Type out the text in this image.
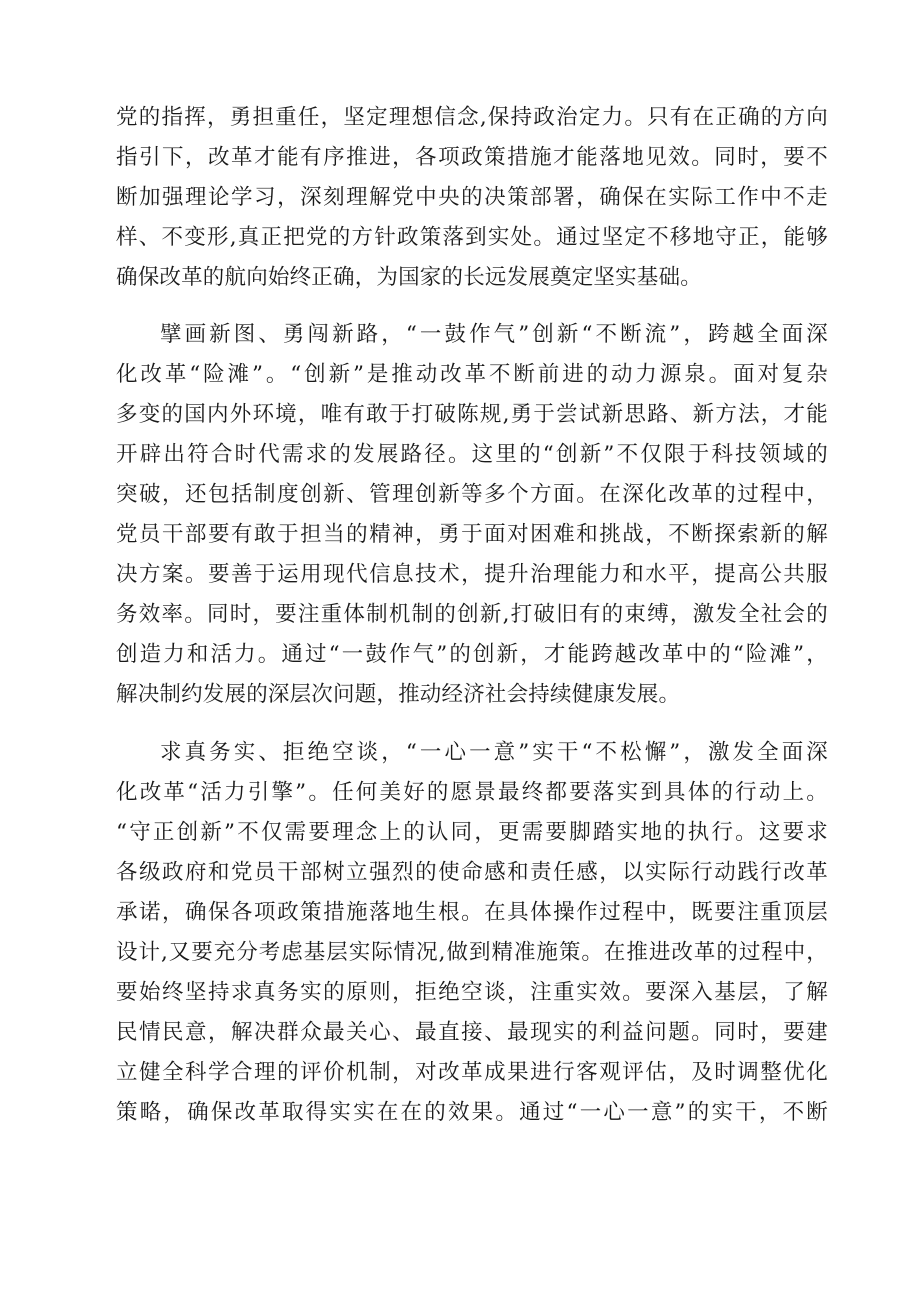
党的指挥，勇担重任，坚定理想信念,保持政治定力。只有在正确的方向
指引下，改革才能有序推进，各项政策措施才能落地见效。同时，要不
断加强理论学习，深刻理解党中央的决策部署，确保在实际工作中不走
样、不变形,真正把党的方针政策落到实处。通过坚定不移地守正，能够
确保改革的航向始终正确，为国家的长远发展奠定坚实基础。
擘画新图、勇闯新路，“一鼓作气”创新“不断流”，跨越全面深
化改革“险滩”。“创新”是推动改革不断前进的动力源泉。面对复杂
多变的国内外环境，唯有敢于打破陈规,勇于尝试新思路、新方法，才能
开辟出符合时代需求的发展路径。这里的“创新”不仅限于科技领域的
突破，还包括制度创新、管理创新等多个方面。在深化改革的过程中，
党员干部要有敢于担当的精神，勇于面对困难和挑战，不断探索新的解
决方案。要善于运用现代信息技术，提升治理能力和水平，提高公共服
务效率。同时，要注重体制机制的创新,打破旧有的束缚，激发全社会的
创造力和活力。通过“一鼓作气”的创新，才能跨越改革中的“险滩”，
解决制约发展的深层次问题，推动经济社会持续健康发展。
求真务实、拒绝空谈，“一心一意”实干“不松懈”，激发全面深
化改革“活力引擎”。任何美好的愿景最终都要落实到具体的行动上。
“守正创新”不仅需要理念上的认同，更需要脚踏实地的执行。这要求
各级政府和党员干部树立强烈的使命感和责任感，以实际行动践行改革
承诺，确保各项政策措施落地生根。在具体操作过程中，既要注重顶层
设计,又要充分考虑基层实际情况,做到精准施策。在推进改革的过程中，
要始终坚持求真务实的原则，拒绝空谈，注重实效。要深入基层，了解
民情民意，解决群众最关心、最直接、最现实的利益问题。同时，要建
立健全科学合理的评价机制，对改革成果进行客观评估，及时调整优化
策略，确保改革取得实实在在的效果。通过“一心一意”的实干，不断
